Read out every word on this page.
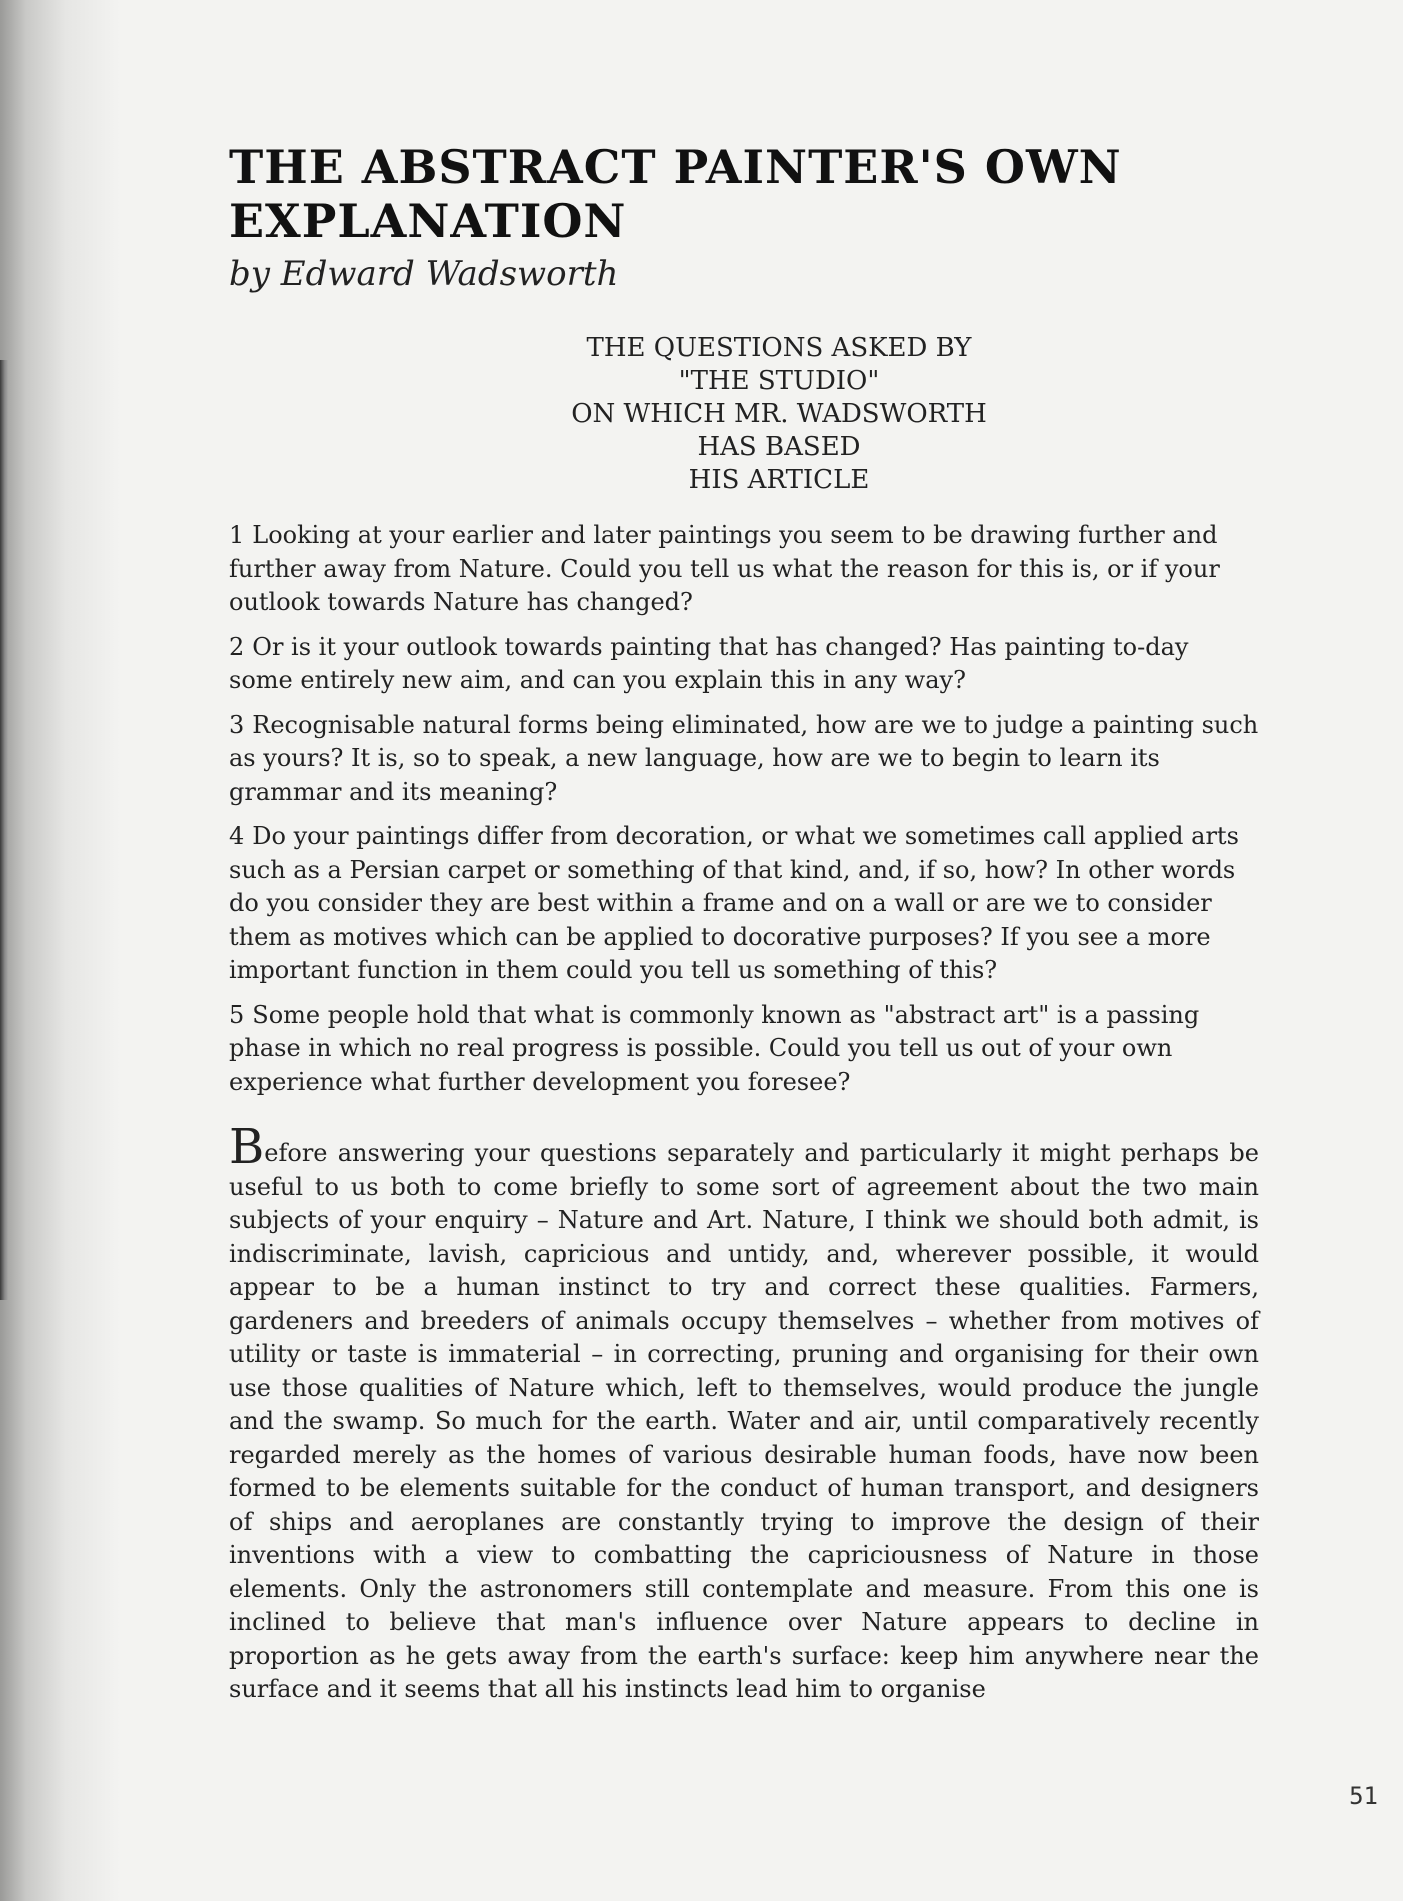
THE ABSTRACT PAINTER'S OWN
EXPLANATION

by Edward Wadsworth

THE QUESTIONS ASKED BY
"THE STUDIO"
ON WHICH MR. WADSWORTH HAS BASED
HIS ARTICLE

1 Looking at your earlier and later paintings you seem to be drawing further and further away from Nature. Could you tell us what the reason for this is, or if your outlook towards Nature has changed?

2 Or is it your outlook towards painting that has changed? Has painting to-day some entirely new aim, and can you explain this in any way?

3 Recognisable natural forms being eliminated, how are we to judge a painting such as yours? It is, so to speak, a new language, how are we to begin to learn its grammar and its meaning?

4 Do your paintings differ from decoration, or what we sometimes call applied arts such as a Persian carpet or something of that kind, and, if so, how? In other words do you consider they are best within a frame and on a wall or are we to consider them as motives which can be applied to docorative purposes? If you see a more important function in them could you tell us something of this?

5 Some people hold that what is commonly known as "abstract art" is a passing phase in which no real progress is possible. Could you tell us out of your own experience what further development you foresee?

Before answering your questions separately and particularly it might perhaps be useful to us both to come briefly to some sort of agreement about the two main subjects of your enquiry – Nature and Art. Nature, I think we should both admit, is indiscriminate, lavish, capricious and untidy, and, wherever possible, it would appear to be a human instinct to try and correct these qualities. Farmers, gardeners and breeders of animals occupy themselves – whether from motives of utility or taste is immaterial – in correcting, pruning and organising for their own use those qualities of Nature which, left to themselves, would produce the jungle and the swamp. So much for the earth. Water and air, until comparatively recently regarded merely as the homes of various desirable human foods, have now been formed to be elements suitable for the conduct of human transport, and designers of ships and aeroplanes are constantly trying to improve the design of their inventions with a view to combatting the capriciousness of Nature in those elements. Only the astronomers still contemplate and measure. From this one is inclined to believe that man's influence over Nature appears to decline in proportion as he gets away from the earth's surface: keep him anywhere near the surface and it seems that all his instincts lead him to organise

51
